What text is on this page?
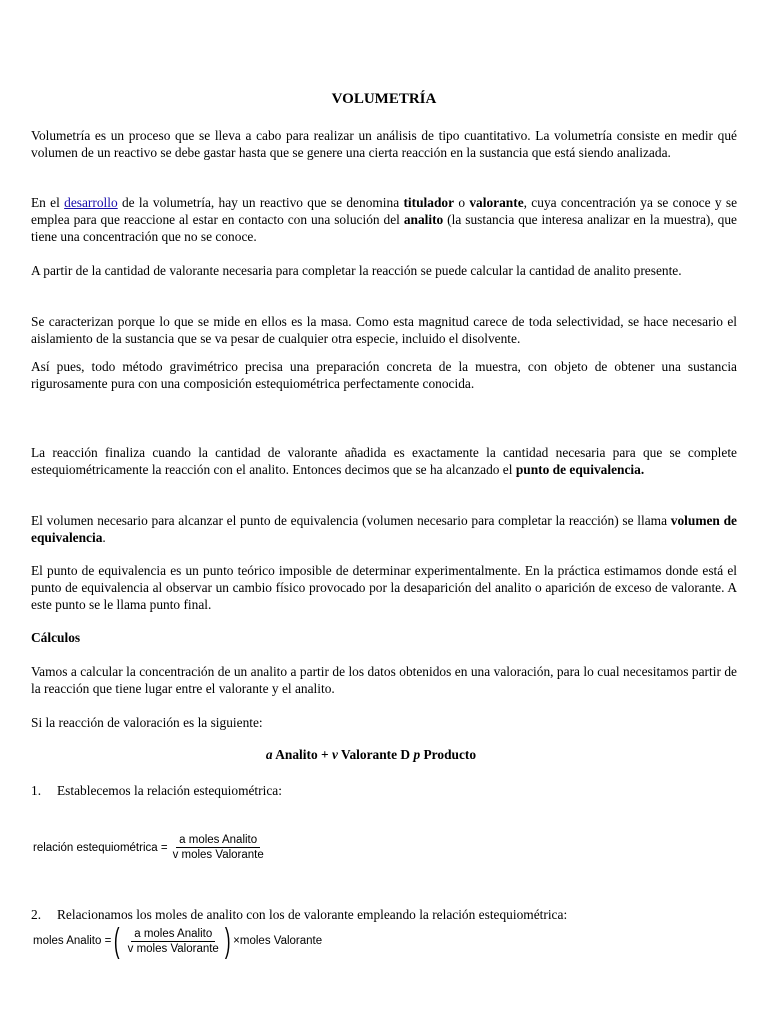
VOLUMETRÍA

Volumetría es un proceso que se lleva a cabo para realizar un análisis de tipo cuantitativo. La volumetría consiste en medir qué volumen de un reactivo se debe gastar hasta que se genere una cierta reacción en la sustancia que está siendo analizada.

En el desarrollo de la volumetría, hay un reactivo que se denomina titulador o valorante, cuya concentración ya se conoce y se emplea para que reaccione al estar en contacto con una solución del analito (la sustancia que interesa analizar en la muestra), que tiene una concentración que no se conoce.

A partir de la cantidad de valorante necesaria para completar la reacción se puede calcular la cantidad de analito presente.

Se caracterizan porque lo que se mide en ellos es la masa. Como esta magnitud carece de toda selectividad, se hace necesario el aislamiento de la sustancia que se va pesar de cualquier otra especie, incluido el disolvente.

Así pues, todo método gravimétrico precisa una preparación concreta de la muestra, con objeto de obtener una sustancia rigurosamente pura con una composición estequiométrica perfectamente conocida.

La reacción finaliza cuando la cantidad de valorante añadida es exactamente la cantidad necesaria para que se complete estequiométricamente la reacción con el analito. Entonces decimos que se ha alcanzado el punto de equivalencia.

El volumen necesario para alcanzar el punto de equivalencia (volumen necesario para completar la reacción) se llama volumen de equivalencia.

El punto de equivalencia es un punto teórico imposible de determinar experimentalmente. En la práctica estimamos donde está el punto de equivalencia al observar un cambio físico provocado por la desaparición del analito o aparición de exceso de valorante. A este punto se le llama punto final.

Cálculos

Vamos a calcular la concentración de un analito a partir de los datos obtenidos en una valoración, para lo cual necesitamos partir de la reacción que tiene lugar entre el valorante y el analito.

Si la reacción de valoración es la siguiente:

a Analito + v Valorante D p Producto

1. Establecemos la relación estequiométrica:

relación estequiométrica = $\frac{\text{a moles Analito}}{\text{v moles Valorante}}$

2. Relacionamos los moles de analito con los de valorante empleando la relación estequiométrica:

moles Analito = ( $\frac{\text{a moles Analito}}{\text{v moles Valorante}}$ ) ×moles Valorante
